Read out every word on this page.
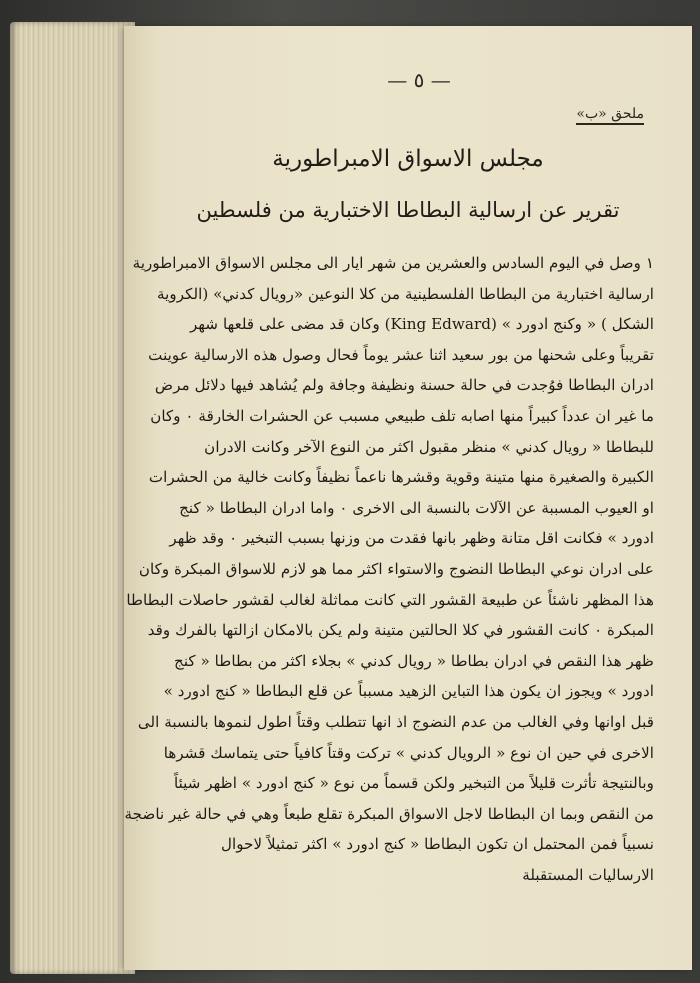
— ٥ —
ملحق «ب»
مجلس الاسواق الامبراطورية
تقرير عن ارسالية البطاطا الاختبارية من فلسطين
١ وصل في اليوم السادس والعشرين من شهر ايار الى مجلس الاسواق الامبراطورية
ارسالية اختبارية من البطاطا الفلسطينية من كلا النوعين «رويال كدني» (الكروية
الشكل ) « وكنج ادورد » (King Edward) وكان قد مضى على قلعها شهر
تقريباً وعلى شحنها من بور سعيد اثنا عشر يوماً فحال وصول هذه الارسالية عوينت
ادران البطاطا فوُجدت في حالة حسنة ونظيفة وجافة ولم يُشاهد فيها دلائل مرض
ما غير ان عدداً كبيراً منها اصابه تلف طبيعي مسبب عن الحشرات الخارقة ٠ وكان
للبطاطا « رويال كدني » منظر مقبول اكثر من النوع الآخر وكانت الادران
الكبيرة والصغيرة منها متينة وقوية وقشرها ناعماً نظيفاً وكانت خالية من الحشرات
او العيوب المسببة عن الآلات بالنسبة الى الاخرى ٠ واما ادران البطاطا « كنج
ادورد » فكانت اقل متانة وظهر بانها فقدت من وزنها بسبب التبخير ٠ وقد ظهر
على ادران نوعي البطاطا النضوج والاستواء اكثر مما هو لازم للاسواق المبكرة وكان
هذا المظهر ناشئاً عن طبيعة القشور التي كانت مماثلة لغالب لقشور حاصلات البطاطا
المبكرة ٠ كانت القشور في كلا الحالتين متينة ولم يكن بالامكان ازالتها بالفرك وقد
ظهر هذا النقص في ادران بطاطا « رويال كدني » بجلاء اكثر من بطاطا « كنج
ادورد » ويجوز ان يكون هذا التباين الزهيد مسبباً عن قلع البطاطا « كنج ادورد »
قبل اوانها وفي الغالب من عدم النضوج اذ انها تتطلب وقتاً اطول لنموها بالنسبة الى
الاخرى في حين ان نوع « الرويال كدني » تركت وقتاً كافياً حتى يتماسك قشرها
وبالنتيجة تأثرت قليلاً من التبخير ولكن قسماً من نوع « كنج ادورد » اظهر شيئاً
من النقص وبما ان البطاطا لاجل الاسواق المبكرة تقلع طبعاً وهي في حالة غير ناضجة
نسبياً فمن المحتمل ان تكون البطاطا « كنج ادورد » اكثر تمثيلاً لاحوال
الارساليات المستقبلة
